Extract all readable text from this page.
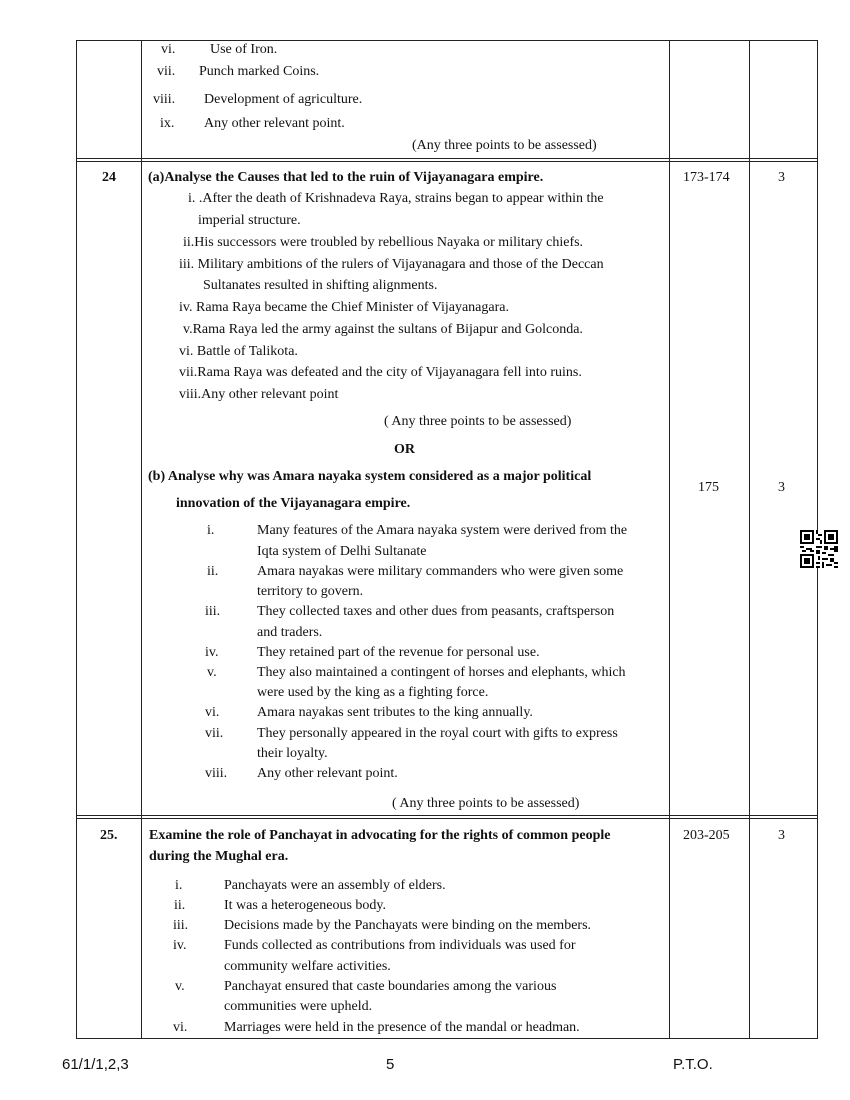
vi. Use of Iron.
vii. Punch marked Coins.
viii. Development of agriculture.
ix. Any other relevant point.
(Any three points to be assessed)
24 (a)Analyse the Causes that led to the ruin of Vijayanagara empire.	173-174	3
i. .After the death of Krishnadeva Raya, strains began to appear within the
imperial structure.
ii.His successors were troubled by rebellious Nayaka or military chiefs.
iii. Military ambitions of the rulers of Vijayanagara and those of the Deccan
Sultanates resulted in shifting alignments.
iv. Rama Raya became the Chief Minister of Vijayanagara.
v.Rama Raya led the army against the sultans of Bijapur and Golconda.
vi. Battle of Talikota.
vii.Rama Raya was defeated and the city of Vijayanagara fell into ruins.
viii.Any other relevant point
( Any three points to be assessed)
OR
(b) Analyse why was Amara nayaka system considered as a major political
innovation of the Vijayanagara empire.
175	3
i.	Many features of the Amara nayaka system were derived from the
Iqta system of Delhi Sultanate
ii.	Amara nayakas were military commanders who were given some
territory to govern.
iii.	They collected taxes and other dues from peasants, craftsperson
and traders.
iv.	They retained part of the revenue for personal use.
v.	They also maintained a contingent of horses and elephants, which
were used by the king as a fighting force.
vi.	Amara nayakas sent tributes to the king annually.
vii. They personally appeared in the royal court with gifts to express
their loyalty.
viii. Any other relevant point.
( Any three points to be assessed)
25. Examine the role of Panchayat in advocating for the rights of common people
during the Mughal era.
203-205	3
i.	Panchayats were an assembly of elders.
ii.	It was a heterogeneous body.
iii.	Decisions made by the Panchayats were binding on the members.
iv.	Funds collected as contributions from individuals was used for
community welfare activities.
v.	Panchayat ensured that caste boundaries among the various
communities were upheld.
vi.	Marriages were held in the presence of the mandal or headman.
61/1/1,2,3	5	P.T.O.
